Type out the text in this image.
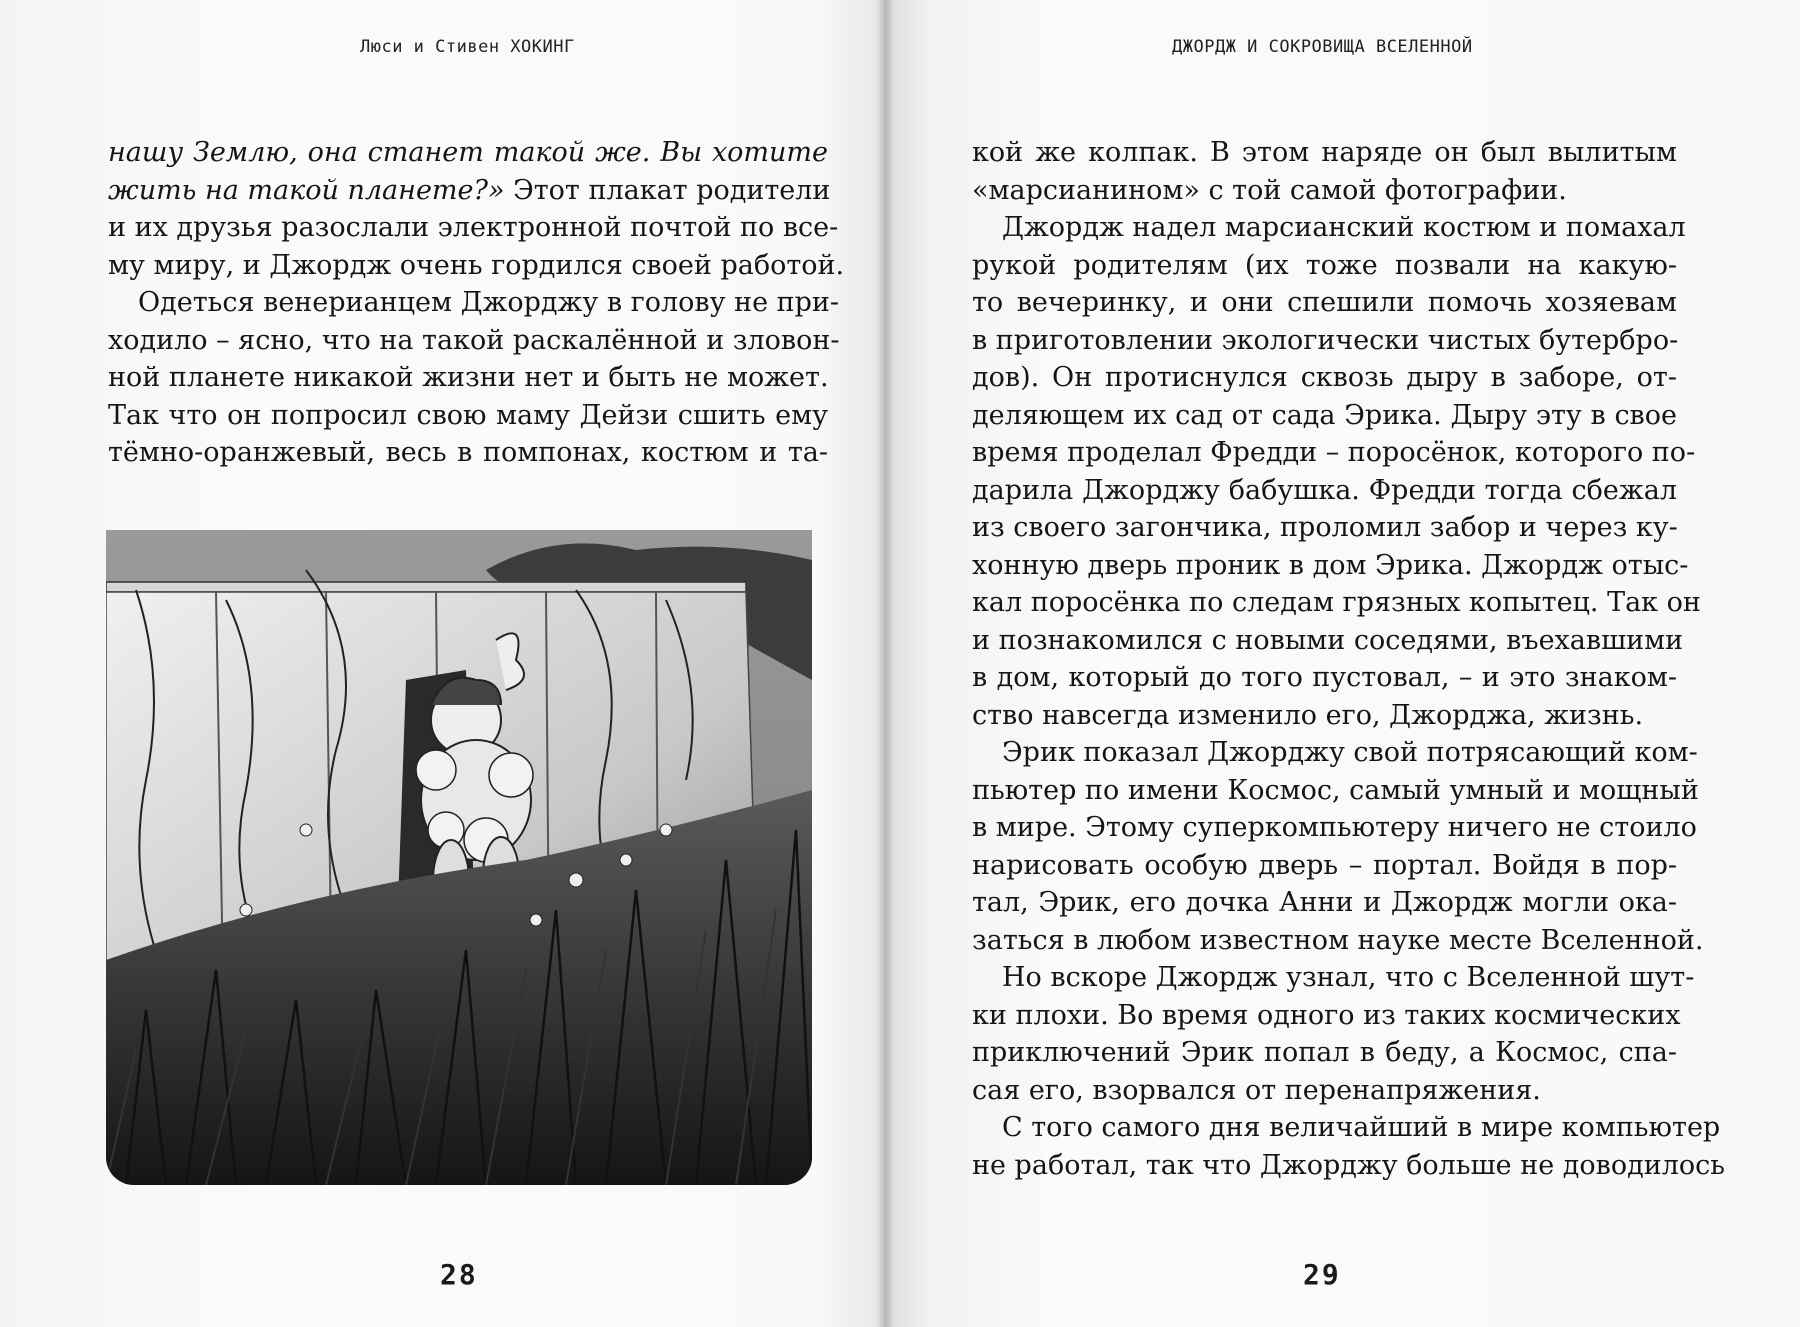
Люси и Стивен ХОКИНГ
нашу Землю, она станет такой же. Вы хотите
жить на такой планете?» Этот плакат родители
и их друзья разослали электронной почтой по все-
му миру, и Джордж очень гордился своей работой.
Одеться венерианцем Джорджу в голову не при-
ходило – ясно, что на такой раскалённой и зловон-
ной планете никакой жизни нет и быть не может.
Так что он попросил свою маму Дейзи сшить ему
тёмно-оранжевый, весь в помпонах, костюм и та-
28
ДЖОРДЖ И СОКРОВИЩА ВСЕЛЕННОЙ
29
кой же колпак. В этом наряде он был вылитым
«марсианином» с той самой фотографии.
Джордж надел марсианский костюм и помахал
рукой родителям (их тоже позвали на какую-
то вечеринку, и они спешили помочь хозяевам
в приготовлении экологически чистых бутербро-
дов). Он протиснулся сквозь дыру в заборе, от-
деляющем их сад от сада Эрика. Дыру эту в свое
время проделал Фредди – поросёнок, которого по-
дарила Джорджу бабушка. Фредди тогда сбежал
из своего загончика, проломил забор и через ку-
хонную дверь проник в дом Эрика. Джордж отыс-
кал поросёнка по следам грязных копытец. Так он
и познакомился с новыми соседями, въехавшими
в дом, который до того пустовал, – и это знаком-
ство навсегда изменило его, Джорджа, жизнь.
Эрик показал Джорджу свой потрясающий ком-
пьютер по имени Космос, самый умный и мощный
в мире. Этому суперкомпьютеру ничего не стоило
нарисовать особую дверь – портал. Войдя в пор-
тал, Эрик, его дочка Анни и Джордж могли ока-
заться в любом известном науке месте Вселенной.
Но вскоре Джордж узнал, что с Вселенной шут-
ки плохи. Во время одного из таких космических
приключений Эрик попал в беду, а Космос, спа-
сая его, взорвался от перенапряжения.
С того самого дня величайший в мире компьютер
не работал, так что Джорджу больше не доводилось
